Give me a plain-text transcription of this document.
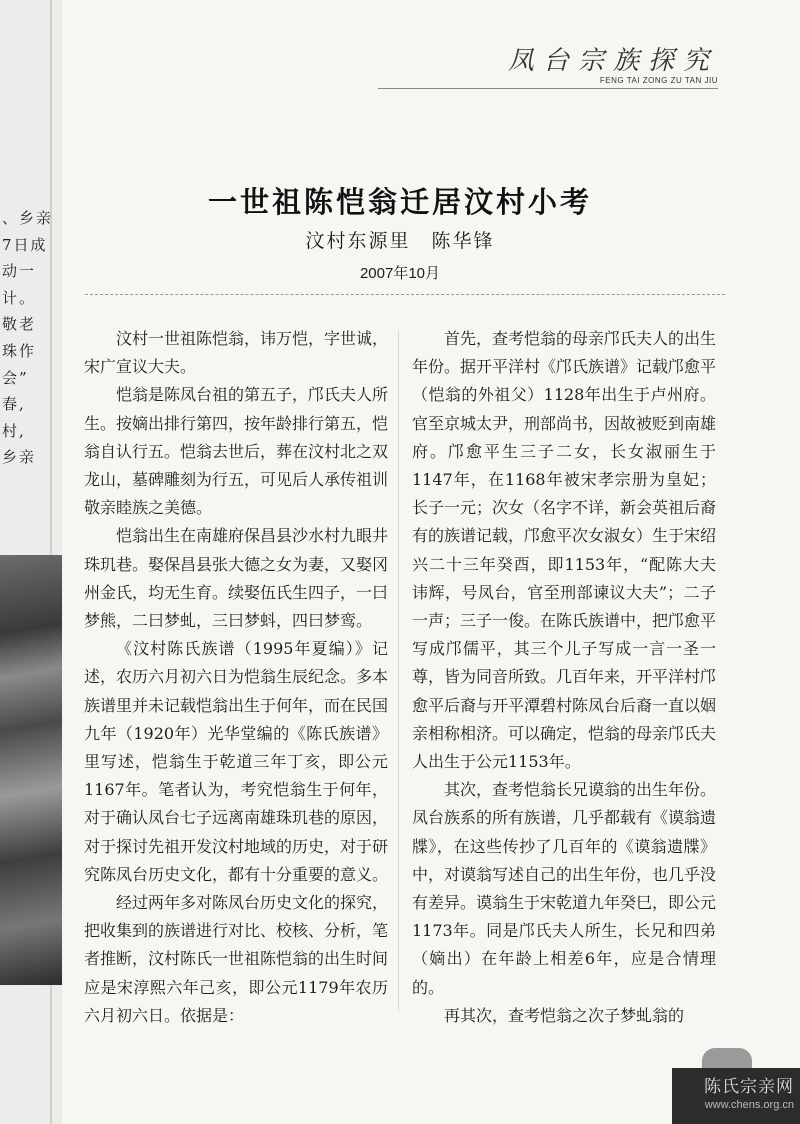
、乡亲
7日成
动一
计。
敬老
珠作
会”
春,
村,
乡亲
凤台宗族探究
FENG TAI ZONG ZU TAN JIU
一世祖陈恺翁迁居汶村小考
汶村东源里　陈华锋
2007年10月

汶村一世祖陈恺翁，讳万恺，字世诚，宋广宣议大夫。

恺翁是陈凤台祖的第五子，邝氏夫人所生。按嫡出排行第四，按年龄排行第五，恺翁自认行五。恺翁去世后，葬在汶村北之双龙山，墓碑雕刻为行五，可见后人承传祖训敬亲睦族之美德。

恺翁出生在南雄府保昌县沙水村九眼井珠玑巷。娶保昌县张大德之女为妻，又娶冈州金氏，均无生育。续娶伍氏生四子，一曰梦熊，二曰梦虬，三曰梦蚪，四曰梦鸾。

《汶村陈氏族谱（1995年夏编）》记述，农历六月初六日为恺翁生辰纪念。多本族谱里并未记载恺翁出生于何年，而在民国九年（1920年）光华堂编的《陈氏族谱》里写述，恺翁生于乾道三年丁亥，即公元1167年。笔者认为，考究恺翁生于何年，对于确认凤台七子远离南雄珠玑巷的原因，对于探讨先祖开发汶村地域的历史，对于研究陈凤台历史文化，都有十分重要的意义。

经过两年多对陈凤台历史文化的探究， 把收集到的族谱进行对比、校核、分析，笔者推断，汶村陈氏一世祖陈恺翁的出生时间应是宋淳熙六年己亥，即公元1179年农历六月初六日。依据是：

首先，查考恺翁的母亲邝氏夫人的出生年份。据开平洋村《邝氏族谱》记载邝愈平（恺翁的外祖父）1128年出生于卢州府。官至京城太尹，刑部尚书，因故被贬到南雄府。邝愈平生三子二女，长女淑丽生于1147年，在1168年被宋孝宗册为皇妃；长子一元；次女（名字不详，新会英祖后裔有的族谱记载，邝愈平次女淑女）生于宋绍兴二十三年癸酉，即1153年，“配陈大夫讳辉，号凤台，官至刑部谏议大夫”；二子一声；三子一俊。在陈氏族谱中，把邝愈平写成邝儒平，其三个儿子写成一言一圣一尊，皆为同音所致。几百年来，开平洋村邝愈平后裔与开平潭碧村陈凤台后裔一直以姻亲相称相济。可以确定，恺翁的母亲邝氏夫人出生于公元1153年。

其次，查考恺翁长兄谟翁的出生年份。凤台族系的所有族谱，几乎都载有《谟翁遗牒》，在这些传抄了几百年的《谟翁遗牒》中，对谟翁写述自己的出生年份，也几乎没有差异。谟翁生于宋乾道九年癸巳，即公元1173年。同是邝氏夫人所生，长兄和四弟（嫡出）在年龄上相差6年，应是合情理的。

再其次，查考恺翁之次子梦虬翁的

陈氏宗亲网
www.chens.org.cn
